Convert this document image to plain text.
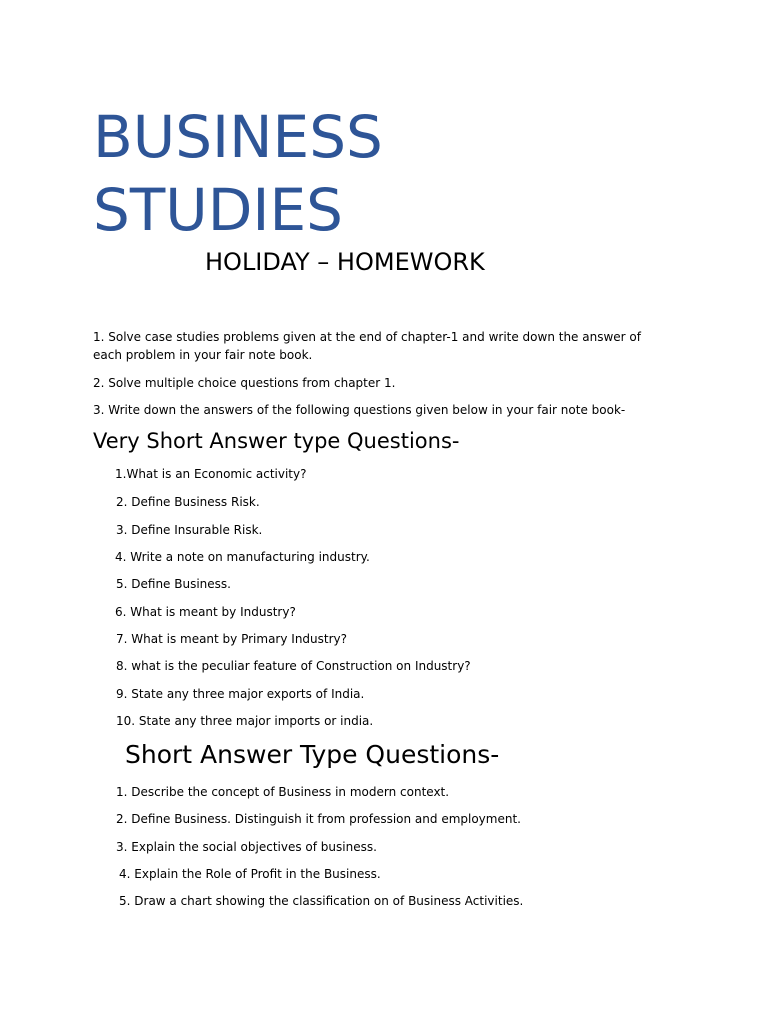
BUSINESS
STUDIES
HOLIDAY – HOMEWORK

1. Solve case studies problems given at the end of chapter-1 and write down the answer of each problem in your fair note book.

2. Solve multiple choice questions from chapter 1.

3. Write down the answers of the following questions given below in your fair note book-

Very Short Answer type Questions-

1.What is an Economic activity?

2. Define Business Risk.

3. Define Insurable Risk.

4. Write a note on manufacturing industry.

5. Define Business.

6. What is meant by Industry?

7. What is meant by Primary Industry?

8. what is the peculiar feature of Construction on Industry?

9. State any three major exports of India.

10. State any three major imports or india.

Short Answer Type Questions-

1. Describe the concept of Business in modern context.

2. Define Business. Distinguish it from profession and employment.

3. Explain the social objectives of business.

4. Explain the Role of Profit in the Business.

5. Draw a chart showing the classification on of Business Activities.
